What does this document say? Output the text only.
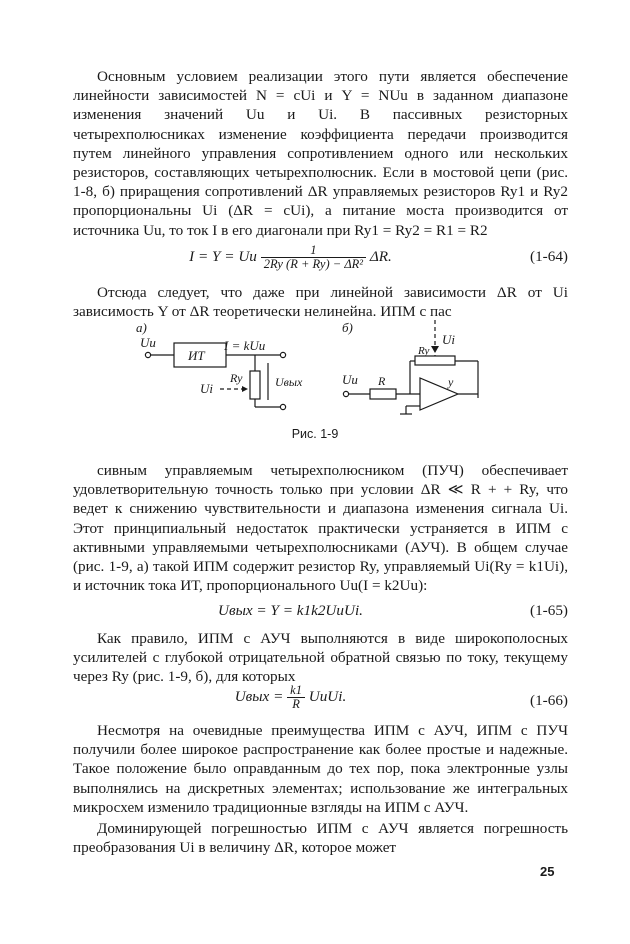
Основным условием реализации этого пути является обеспечение линейности зависимостей N = cUi и Y = NUu в заданном диапазоне изменения значений Uu и Ui. В пассивных резисторных четырехполюсниках изменение коэффициента передачи производится путем линейного управления сопротивлением одного или нескольких резисторов, составляющих четырехполюсник. Если в мостовой цепи (рис. 1-8, б) приращения сопротивлений ΔR управляемых резисторов Ry1 и Ry2 пропорциональны Ui (ΔR = cUi), а питание моста производится от источника Uu, то ток I в его диагонали при Ry1 = Ry2 = R1 = R2

I = Y = Uu $\frac{1}{\text{2Ry (R + Ry) − ΔR²}} \Delta R$.	(1-64)

Отсюда следует, что даже при линейной зависимости ΔR от Ui зависимость Y от ΔR теоретически нелинейна. ИПМ с пас

а)
Uu
ИТ
I = kUu
Ry
Ui	Uвых
б)
Ui
Ry
y
Uu R
Рис. 1-9

сивным управляемым четырехполюсником (ПУЧ) обеспечивает удовлетворительную точность только при условии ΔR ≪ R + + Ry, что ведет к снижению чувствительности и диапазона изменения сигнала Ui. Этот принципиальный недостаток практически устраняется в ИПМ с активными управляемыми четырехполюсниками (АУЧ). В общем случае (рис. 1-9, а) такой ИПМ содержит резистор Ry, управляемый Ui(Ry = k1Ui), и источник тока ИТ, пропорционального Uu(I = k2Uu):

Uвых = Y = k1k2UuUi.	(1-65)

Как правило, ИПМ с АУЧ выполняются в виде широкополосных усилителей с глубокой отрицательной обратной связью по току, текущему через Ry (рис. 1-9, б), для которых

Uвых = $\frac{k1}{R}$ UuUi.	(1-66)

Несмотря на очевидные преимущества ИПМ с АУЧ, ИПМ с ПУЧ получили более широкое распространение как более простые и надежные. Такое положение было оправданным до тех пор, пока электронные узлы выполнялись на дискретных элементах; использование же интегральных микросхем изменило традиционные взгляды на ИПМ с АУЧ.

Доминирующей погрешностью ИПМ с АУЧ является погрешность преобразования Ui в величину ΔR, которое может

25
